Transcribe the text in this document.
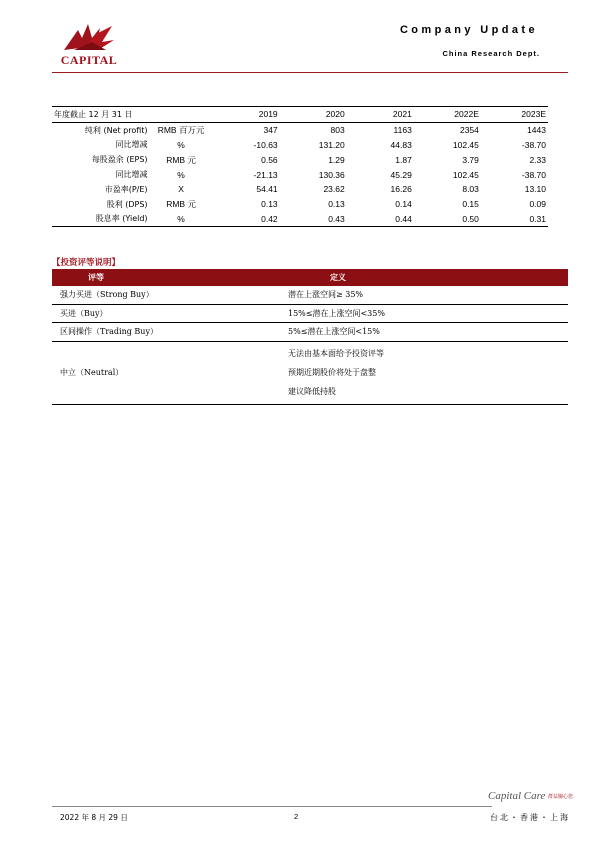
CAPITAL
Company Update
China Research Dept.
年度截止 12 月 31 日		2019	2020	2021	2022E	2023E
纯利 (Net profit)	RMB 百万元	347	803	1163	2354	1443
同比增减	%	-10.63	131.20	44.83	102.45	-38.70
每股盈余 (EPS)	RMB 元	0.56	1.29	1.87	3.79	2.33
同比增减	%	-21.13	130.36	45.29	102.45	-38.70
市盈率(P/E)	X	54.41	23.62	16.26	8.03	13.10
股利 (DPS)	RMB 元	0.13	0.13	0.14	0.15	0.09
股息率 (Yield)	%	0.42	0.43	0.44	0.50	0.31
【投资评等说明】
评等	定义
强力买进（Strong Buy）	潜在上涨空间≥ 35%
买进（Buy）	15%≤潜在上涨空间<35%
区间操作（Trading Buy）	5%≤潜在上涨空间<15%
中立（Neutral）	无法由基本面给予投资评等
预期近期股价将处于盘整
建议降低持股
2022 年 8 月 29 日	2
Capital Care 群益關心您
台北・香港・上海
